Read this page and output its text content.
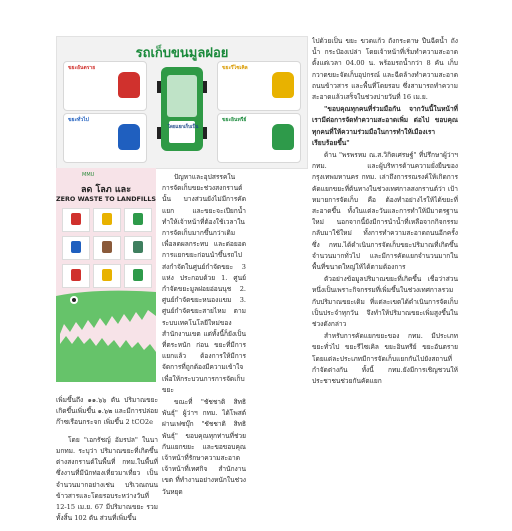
รถเก็บขนมูลฝอย
ขยะอันตราย
ขยะทั่วไป
ขยะรีไซเคิล
ขยะอินทรีย์
โดยแยกเก็บเป็น
MMU
ลด โลภ และ
ZERO WASTE TO LANDFILLS

เพิ่มขึ้นถึง ๑๑.๖๖ ตัน ปริมาณขยะเกิดขึ้นเพิ่มขึ้น ๑.๖๒ และมีการปล่อยก๊าซเรือนกระจก เพิ่มขึ้น 2 tCO2e

โดย "เอกรัชญ์ อัมรปล" ในนามกทม. ระบุว่า ปริมาณขยะที่เกิดขึ้นต่างสงกรานต์ในพื้นที่ กทม.ในพื้นที่ซึ่งงานที่มีนักท่องเที่ยวมาเที่ยว เป็นจำนวนมากอย่างเช่น บริเวณถนนข้าวสารและโดยรอบระหว่างวันที่ 12-15 เม.ย. 67 มีปริมาณขยะ รวมทั้งสิ้น 102 ตัน ส่วนที่เพิ่มขึ้น

ปัญหาและอุปสรรคในการจัดเก็บขยะช่วงสงกรานต์นั้น บางส่วนยังไม่มีการคัดแยก และขยะจะเปียกน้ำ ทำให้เจ้าหน้าที่ต้องใช้เวลาในการจัดเก็บมากขึ้นกว่าเดิม เพื่อลดผลกระทบ และต่อยอดการแยกขยะก่อนนำขึ้นรถไปส่งกำจัดในศูนย์กำจัดขยะ 3 แห่ง ประกอบด้วย 1. ศูนย์กำจัดขยะมูลฝอยอ่อนนุช 2. ศูนย์กำจัดขยะหนองแขม 3. ศูนย์กำจัดขยะสายไหม ตามระบบเทคโนโลยีใหม่ของสำนักงานเขต แต่ทั้งนี้ก็ยังเป็นที่ตระหนัก ก่อน ขยะที่มีการแยกแล้ว ต้องการให้มีการจัดการที่ถูกต้องมีความเข้าใจ เพื่อให้กระบวนการการจัดเก็บขยะ

ขณะที่ "ชัชชาติ สิทธิพันธุ์" ผู้ว่าฯ กทม. ได้โพสต์ ผ่านเฟซบุ๊ก "ชัชชาติ สิทธิพันธุ์" ขอบคุณทุกท่านที่ช่วยกันแยกขยะ และขอขอบคุณเจ้าหน้าที่รักษาความสะอาด เจ้าหน้าที่เทศกิจ สำนักงานเขต ที่ทำงานอย่างหนักในช่วงวันหยุด

ไปด้วยเป็น ขยะ ขวดแก้ว ถังกระดาษ ปืนฉีดน้ำ ถังน้ำ กระป๋องเปล่า โดยเจ้าหน้าที่เริ่มทำความสะอาดตั้งแต่เวลา 04.00 น. พร้อมรถน้ำกว่า 8 คัน เก็บกวาดขยะจัดเก็บอุปกรณ์ และฉีดล้างทำความสะอาดถนนข้าวสาร และพื้นที่โดยรอบ ซึ่งสามารถทำความสะอาดแล้วเสร็จในช่วงบ่ายวันที่ 16 เม.ย.

"ขอบคุณทุกคนที่ร่วมมือกัน จากวันนี้ในหน้าที่เรามีต่อการจัดทำความสะอาดเพิ่ม ต่อไป ขอบคุณทุกคนที่ให้ความร่วมมือในการทำให้เมืองเราเรียบร้อยขึ้น"

ด้าน "พรพรหม ณ.ส.วิกิตเศรษฐ์" ที่ปรึกษาผู้ว่าฯ กทม. และผู้บริหารด้านความยั่งยืนของกรุงเทพมหานคร กทม. เล่าถึงการรณรงค์ให้เกิดการคัดแยกขยะที่ต้นทางในช่วงเทศกาลสงกรานต์ว่า เป้าหมายการจัดเก็บ คือ ต้องทำอย่างไรให้ได้ขยะที่สะอาดขึ้น ทั้งในแต่ละวันและการทำให้มีมาตรฐานใหม่ นอกจากนี้ยังมีการนำน้ำที่เหลือจากกิจกรรมกลับมาใช้ใหม่ ทั้งการทำความสะอาดถนนอีกครั้ง ซึ่ง กทม.ได้ดำเนินการจัดเก็บขยะปริมาณที่เกิดขึ้นจำนวนมากทั่วไป และมีการคัดแยกจำนวนมากในพื้นที่ขนาดใหญ่ให้ได้ตามต้องการ

ตัวอย่างข้อมูลปริมาณขยะที่เกิดขึ้น เชื่อว่าส่วนหนึ่งเป็นเพราะกิจกรรมที่เพิ่มขึ้นในช่วงเทศกาลรวมกับปริมาณขยะเดิม ที่แต่ละเขตได้ดำเนินการจัดเก็บเป็นประจำทุกวัน จึงทำให้ปริมาณขยะเพิ่มสูงขึ้นในช่วงดังกล่าว

สำหรับการคัดแยกขยะของ กทม. มีประเภท ขยะทั่วไป ขยะรีไซเคิล ขยะอินทรีย์ ขยะอันตราย โดยแต่ละประเภทมีการจัดเก็บแยกกันไปยังสถานที่กำจัดต่างกัน ทั้งนี้ กทม.ยังมีการเชิญชวนให้ประชาชนช่วยกันคัดแยก
